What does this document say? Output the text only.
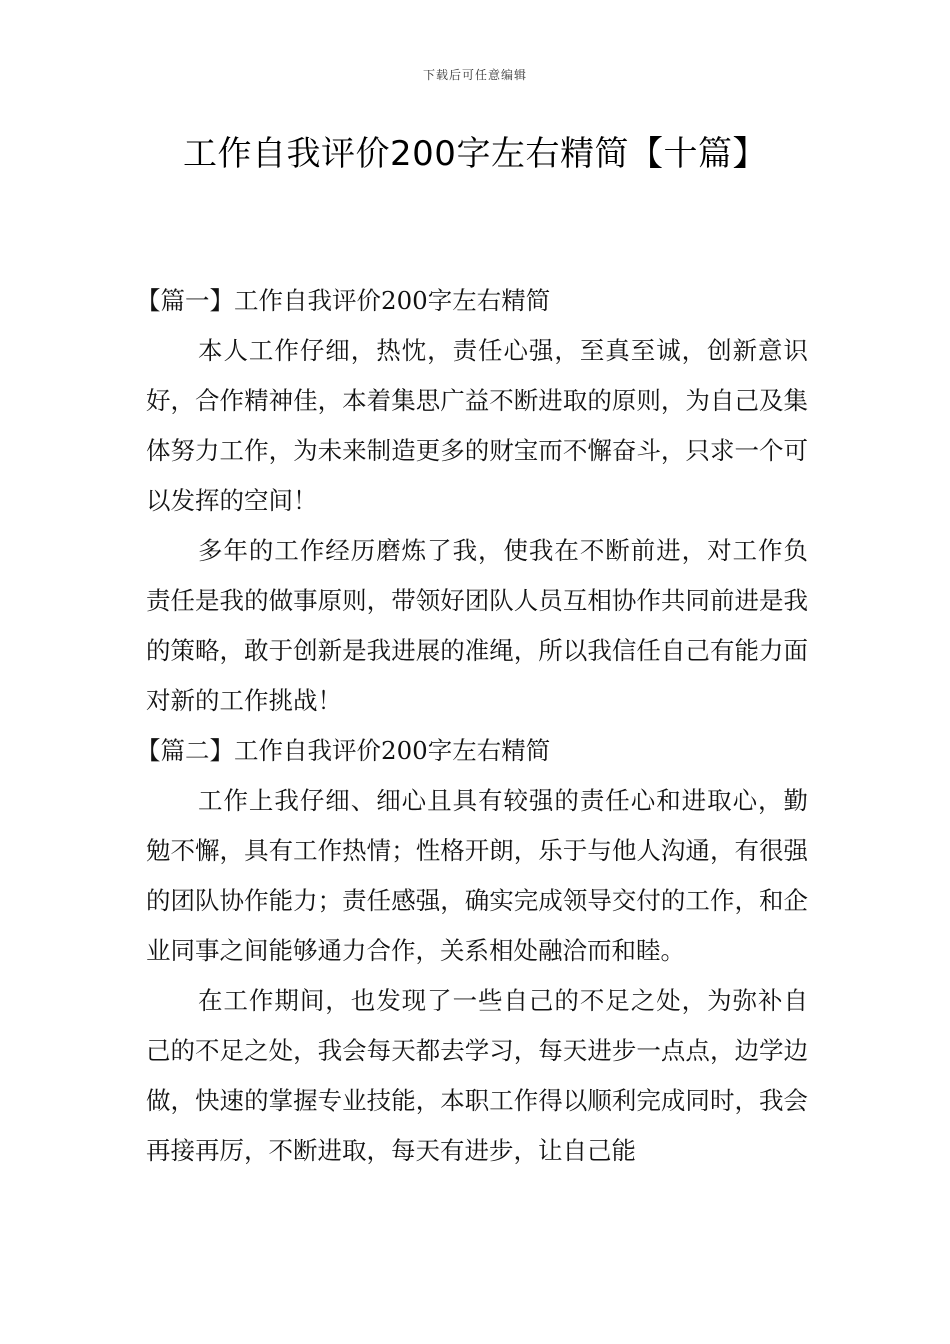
下载后可任意编辑
工作自我评价200字左右精简【十篇】

【篇一】工作自我评价200字左右精简

本人工作仔细，热忱，责任心强，至真至诚，创新意识好，合作精神佳，本着集思广益不断进取的原则，为自己及集体努力工作，为未来制造更多的财宝而不懈奋斗，只求一个可以发挥的空间！

多年的工作经历磨炼了我，使我在不断前进，对工作负责任是我的做事原则，带领好团队人员互相协作共同前进是我的策略，敢于创新是我进展的准绳，所以我信任自己有能力面对新的工作挑战！

【篇二】工作自我评价200字左右精简

工作上我仔细、细心且具有较强的责任心和进取心，勤勉不懈，具有工作热情；性格开朗，乐于与他人沟通，有很强的团队协作能力；责任感强，确实完成领导交付的工作，和企业同事之间能够通力合作，关系相处融洽而和睦。

在工作期间，也发现了一些自己的不足之处，为弥补自己的不足之处，我会每天都去学习，每天进步一点点，边学边做，快速的掌握专业技能，本职工作得以顺利完成同时，我会再接再厉，不断进取，每天有进步，让自己能
